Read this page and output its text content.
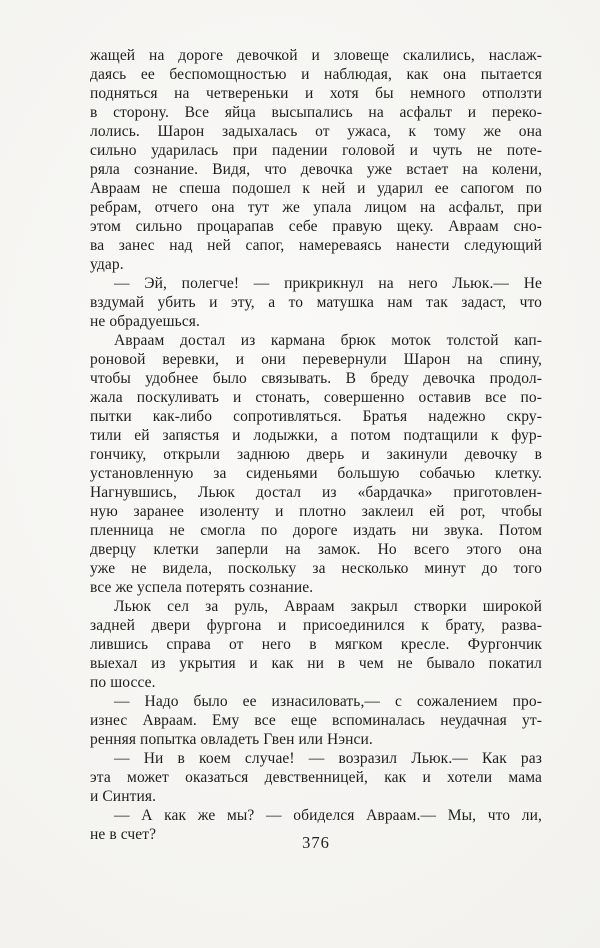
жащей на дороге девочкой и зловеще скалились, наслаж-
даясь ее беспомощностью и наблюдая, как она пытается
подняться на четвереньки и хотя бы немного отползти
в сторону. Все яйца высыпались на асфальт и переко-
лолись. Шарон задыхалась от ужаса, к тому же она
сильно ударилась при падении головой и чуть не поте-
ряла сознание. Видя, что девочка уже встает на колени,
Авраам не спеша подошел к ней и ударил ее сапогом по
ребрам, отчего она тут же упала лицом на асфальт, при
этом сильно процарапав себе правую щеку. Авраам сно-
ва занес над ней сапог, намереваясь нанести следующий
удар.
— Эй, полегче! — прикрикнул на него Льюк.— Не
вздумай убить и эту, а то матушка нам так задаст, что
не обрадуешься.
Авраам достал из кармана брюк моток толстой кап-
роновой веревки, и они перевернули Шарон на спину,
чтобы удобнее было связывать. В бреду девочка продол-
жала поскуливать и стонать, совершенно оставив все по-
пытки как-либо сопротивляться. Братья надежно скру-
тили ей запястья и лодыжки, а потом подтащили к фур-
гончику, открыли заднюю дверь и закинули девочку в
установленную за сиденьями большую собачью клетку.
Нагнувшись, Льюк достал из «бардачка» приготовлен-
ную заранее изоленту и плотно заклеил ей рот, чтобы
пленница не смогла по дороге издать ни звука. Потом
дверцу клетки заперли на замок. Но всего этого она
уже не видела, поскольку за несколько минут до того
все же успела потерять сознание.
Льюк сел за руль, Авраам закрыл створки широкой
задней двери фургона и присоединился к брату, разва-
лившись справа от него в мягком кресле. Фургончик
выехал из укрытия и как ни в чем не бывало покатил
по шоссе.
— Надо было ее изнасиловать,— с сожалением про-
изнес Авраам. Ему все еще вспоминалась неудачная ут-
ренняя попытка овладеть Гвен или Нэнси.
— Ни в коем случае! — возразил Льюк.— Как раз
эта может оказаться девственницей, как и хотели мама
и Синтия.
— А как же мы? — обиделся Авраам.— Мы, что ли,
не в счет?	376
